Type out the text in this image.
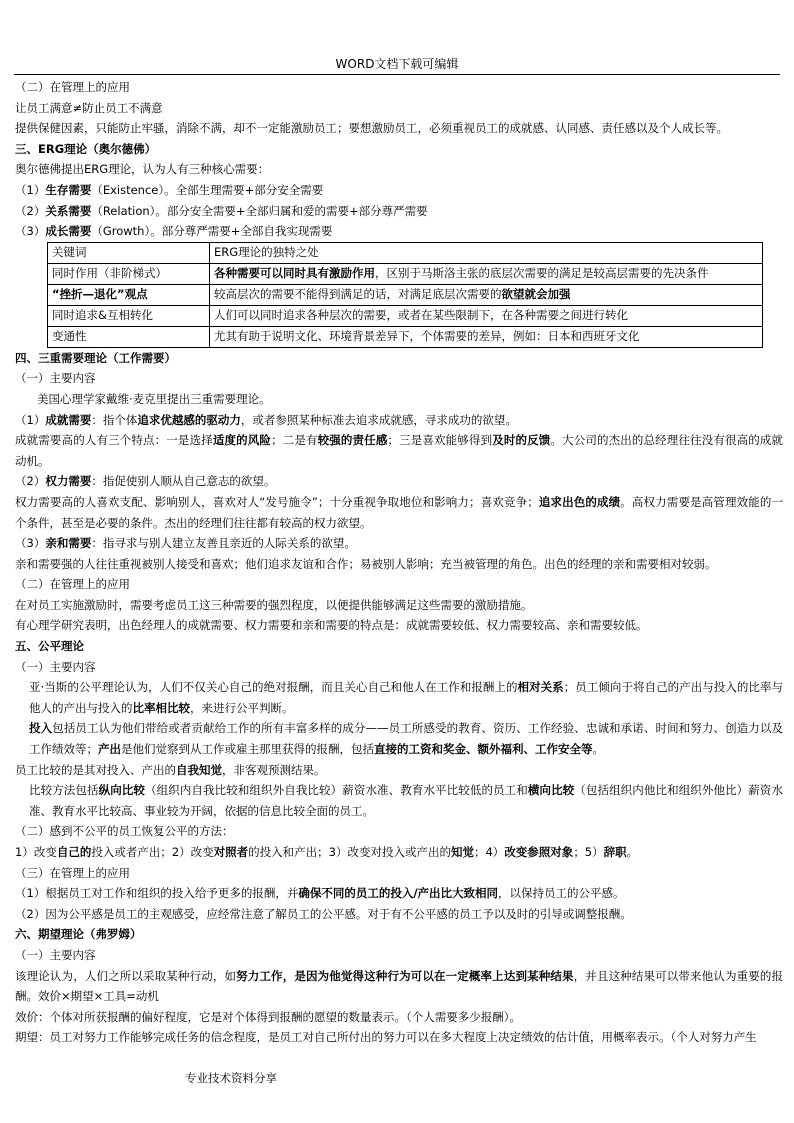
WORD文档下载可编辑
（二）在管理上的应用
让员工满意≠防止员工不满意
提供保健因素，只能防止牢骚，消除不满，却不一定能激励员工；要想激励员工，必须重视员工的成就感、认同感、责任感以及个人成长等。
三、ERG理论（奥尔德佛）
奥尔德佛提出ERG理论，认为人有三种核心需要：
（1）生存需要（Existence）。全部生理需要+部分安全需要
（2）关系需要（Relation）。部分安全需要+全部归属和爱的需要+部分尊严需要
（3）成长需要（Growth）。部分尊严需要+全部自我实现需要
关键词	ERG理论的独特之处
同时作用（非阶梯式）	各种需要可以同时具有激励作用，区别于马斯洛主张的底层次需要的满足是较高层需要的先决条件
“挫折—退化”观点	较高层次的需要不能得到满足的话，对满足底层次需要的欲望就会加强
同时追求&互相转化	人们可以同时追求各种层次的需要，或者在某些限制下，在各种需要之间进行转化
变通性	尤其有助于说明文化、环境背景差异下，个体需要的差异，例如：日本和西班牙文化
四、三重需要理论（工作需要）
（一）主要内容
美国心理学家戴维·麦克里提出三重需要理论。
（1）成就需要：指个体追求优越感的驱动力，或者参照某种标准去追求成就感，寻求成功的欲望。
成就需要高的人有三个特点：一是选择适度的风险；二是有较强的责任感；三是喜欢能够得到及时的反馈。大公司的杰出的总经理往往没有很高的成就动机。
（2）权力需要：指促使别人顺从自己意志的欲望。
权力需要高的人喜欢支配、影响别人，喜欢对人“发号施令”；十分重视争取地位和影响力；喜欢竞争；追求出色的成绩。高权力需要是高管理效能的一个条件，甚至是必要的条件。杰出的经理们往往都有较高的权力欲望。
（3）亲和需要：指寻求与别人建立友善且亲近的人际关系的欲望。
亲和需要强的人往往重视被别人接受和喜欢；他们追求友谊和合作；易被别人影响；充当被管理的角色。出色的经理的亲和需要相对较弱。
（二）在管理上的应用
在对员工实施激励时，需要考虑员工这三种需要的强烈程度，以便提供能够满足这些需要的激励措施。
有心理学研究表明，出色经理人的成就需要、权力需要和亲和需要的特点是：成就需要较低、权力需要较高、亲和需要较低。
五、公平理论
（一）主要内容
亚·当斯的公平理论认为，人们不仅关心自己的绝对报酬，而且关心自己和他人在工作和报酬上的相对关系；员工倾向于将自己的产出与投入的比率与他人的产出与投入的比率相比较，来进行公平判断。
投入包括员工认为他们带给或者贡献给工作的所有丰富多样的成分——员工所感受的教育、资历、工作经验、忠诚和承诺、时间和努力、创造力以及工作绩效等；产出是他们觉察到从工作或雇主那里获得的报酬，包括直接的工资和奖金、额外福利、工作安全等。
员工比较的是其对投入、产出的自我知觉，非客观预测结果。
比较方法包括纵向比较（组织内自我比较和组织外自我比较）薪资水准、教育水平比较低的员工和横向比较（包括组织内他比和组织外他比）薪资水准、教育水平比较高、事业较为开阔，依据的信息比较全面的员工。
（二）感到不公平的员工恢复公平的方法：
1）改变自己的投入或者产出；2）改变对照者的投入和产出；3）改变对投入或产出的知觉；4）改变参照对象；5）辞职。
（三）在管理上的应用
（1）根据员工对工作和组织的投入给予更多的报酬，并确保不同的员工的投入/产出比大致相同，以保持员工的公平感。
（2）因为公平感是员工的主观感受，应经常注意了解员工的公平感。对于有不公平感的员工予以及时的引导或调整报酬。
六、期望理论（弗罗姆）
（一）主要内容
该理论认为，人们之所以采取某种行动，如努力工作，是因为他觉得这种行为可以在一定概率上达到某种结果，并且这种结果可以带来他认为重要的报酬。效价×期望×工具=动机
效价：个体对所获报酬的偏好程度，它是对个体得到报酬的愿望的数量表示。（个人需要多少报酬）。
期望：员工对努力工作能够完成任务的信念程度，是员工对自己所付出的努力可以在多大程度上决定绩效的估计值，用概率表示。（个人对努力产生
专业技术资料分享
